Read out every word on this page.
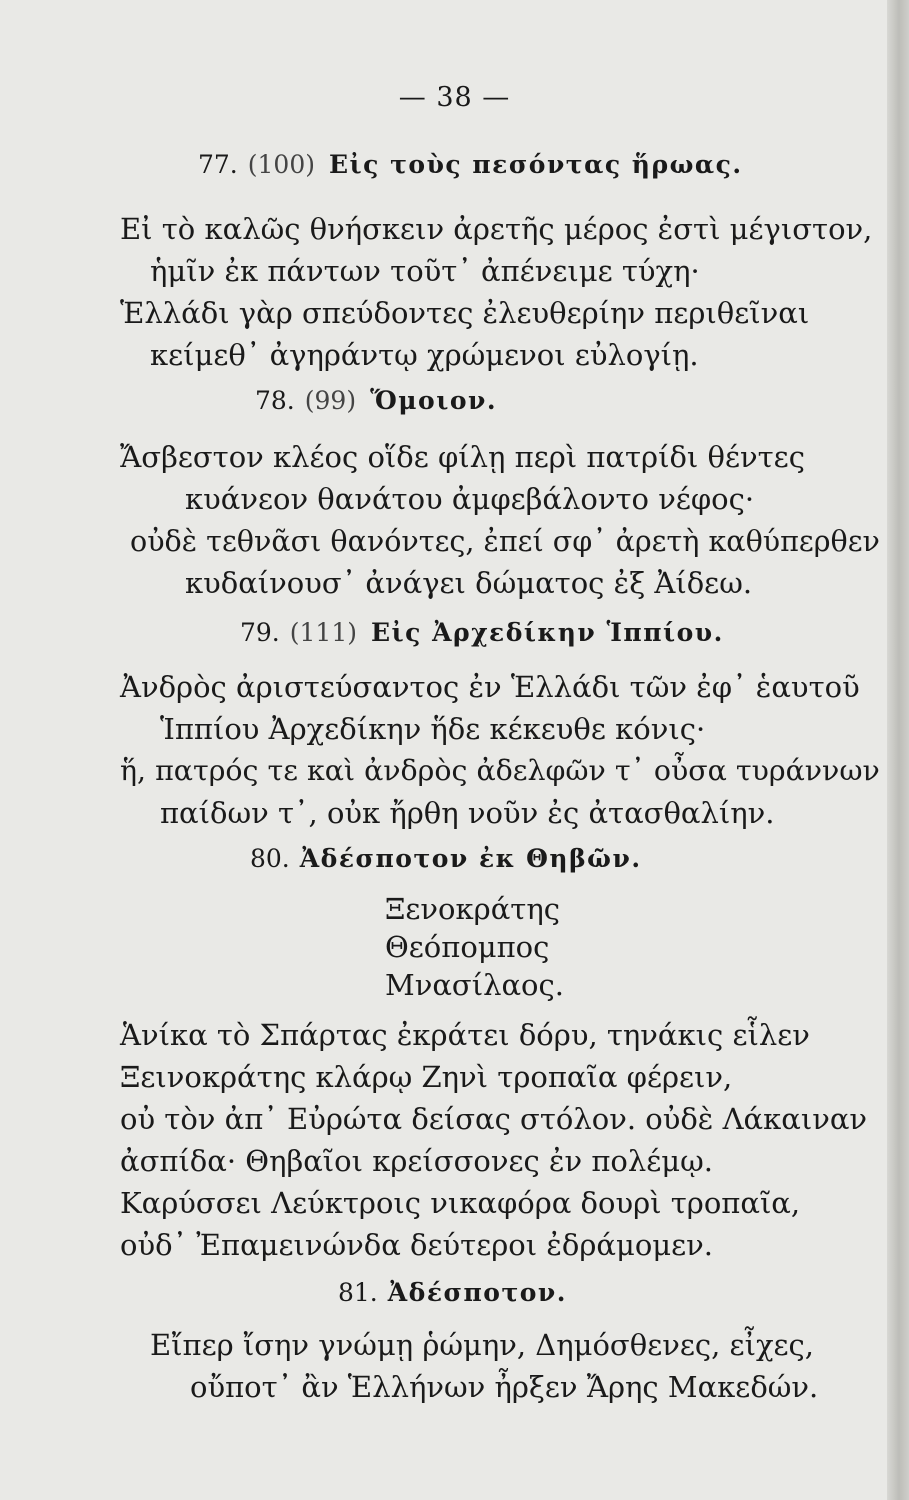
— 38 —
77. (100) Εἰς τοὺς πεσόντας ἥρωας.
Εἰ τὸ καλῶς θνήσκειν ἀρετῆς μέρος ἐστὶ μέγιστον,
ἡμῖν ἐκ πάντων τοῦτ᾽ ἀπένειμε τύχη·
Ἑλλάδι γὰρ σπεύδοντες ἐλευθερίην περιθεῖναι
κείμεθ᾽ ἀγηράντῳ χρώμενοι εὐλογίῃ.
78. (99) Ὅμοιον.
Ἄσβεστον κλέος οἵδε φίλῃ περὶ πατρίδι θέντες
κυάνεον θανάτου ἀμφεβάλοντο νέφος·
οὐδὲ τεθνᾶσι θανόντες, ἐπεί σφ᾽ ἀρετὴ καθύπερθεν
κυδαίνουσ᾽ ἀνάγει δώματος ἐξ Ἀίδεω.
79. (111) Εἰς Ἀρχεδίκην Ἱππίου.
Ἀνδρὸς ἀριστεύσαντος ἐν Ἑλλάδι τῶν ἐφ᾽ ἑαυτοῦ
Ἱππίου Ἀρχεδίκην ἥδε κέκευθε κόνις·
ἥ, πατρός τε καὶ ἀνδρὸς ἀδελφῶν τ᾽ οὖσα τυράννων
παίδων τ᾽, οὐκ ἤρθη νοῦν ἐς ἀτασθαλίην.
80. Ἀδέσποτον ἐκ Θηβῶν.
Ξενοκράτης
Θεόπομπος
Μνασίλαος.
Ἁνίκα τὸ Σπάρτας ἐκράτει δόρυ, τηνάκις εἷλεν
Ξεινοκράτης κλάρῳ Ζηνὶ τροπαῖα φέρειν,
οὐ τὸν ἀπ᾽ Εὐρώτα δείσας στόλον. οὐδὲ Λάκαιναν
ἀσπίδα· Θηβαῖοι κρείσσονες ἐν πολέμῳ.
Καρύσσει Λεύκτροις νικαφόρα δουρὶ τροπαῖα,
οὐδ᾽ Ἐπαμεινώνδα δεύτεροι ἐδράμομεν.
81. Ἀδέσποτον.
Εἴπερ ἴσην γνώμῃ ῥώμην, Δημόσθενες, εἶχες,
οὔποτ᾽ ἂν Ἑλλήνων ἦρξεν Ἄρης Μακεδών.
